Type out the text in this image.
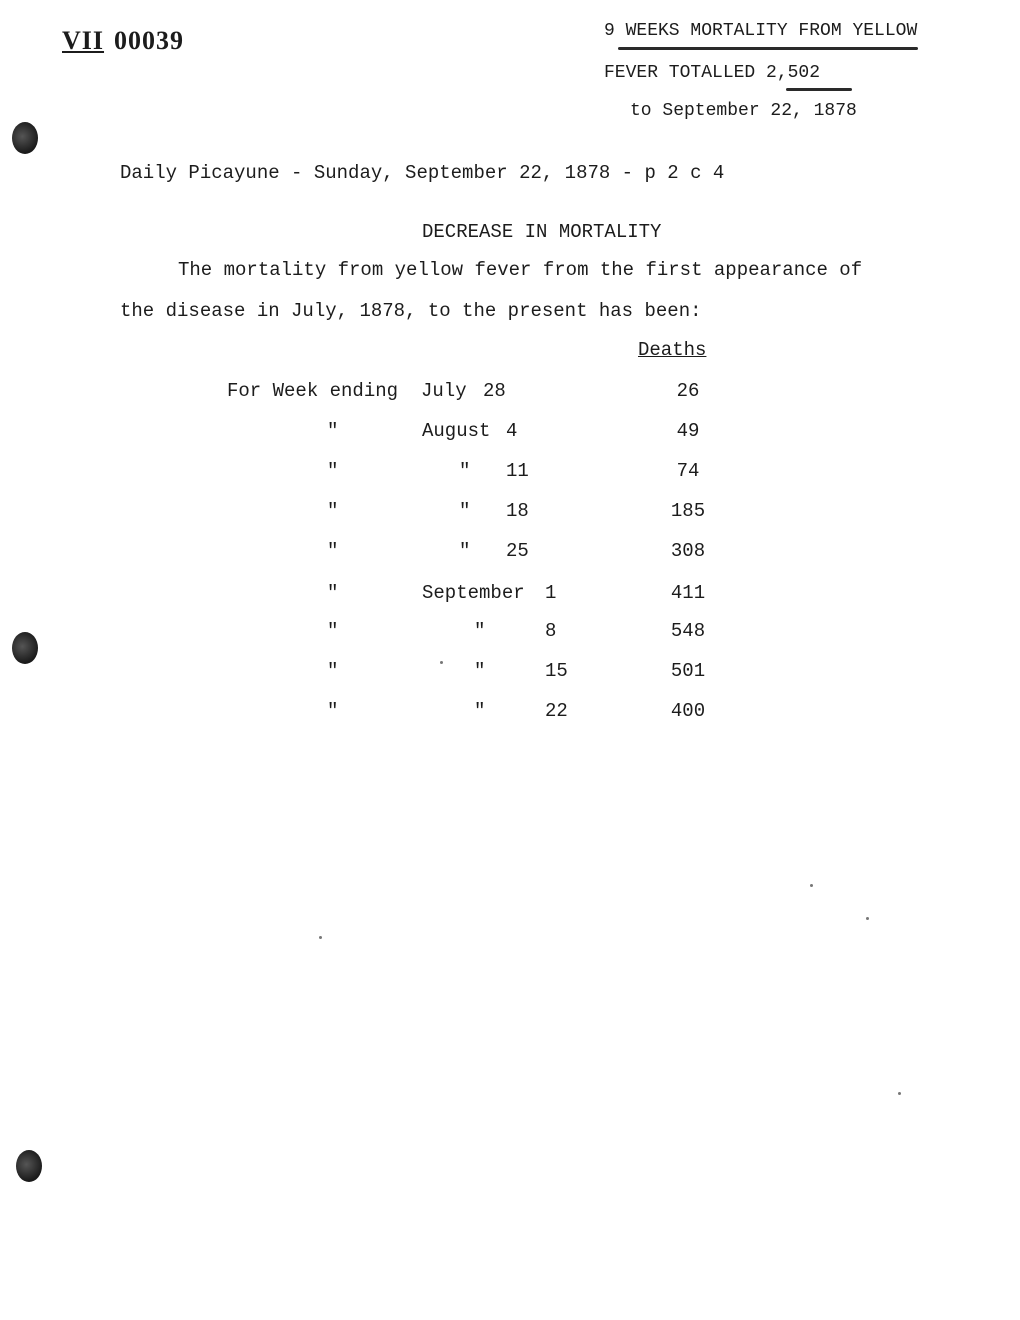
VII 00039	9 WEEKS MORTALITY FROM YELLOW
FEVER TOTALLED 2,502
to September 22, 1878
Daily Picayune - Sunday, September 22, 1878 - p 2 c 4
DECREASE IN MORTALITY
The mortality from yellow fever from the first appearance of
the disease in July, 1878, to the present has been:
Deaths
For Week ending July 28	26
"	August 4	49
"	" 11	74
"	" 18	185
"	" 25	308
"	September 1	411
"	"	8	548
"	"	15	501
"	"	22	400
